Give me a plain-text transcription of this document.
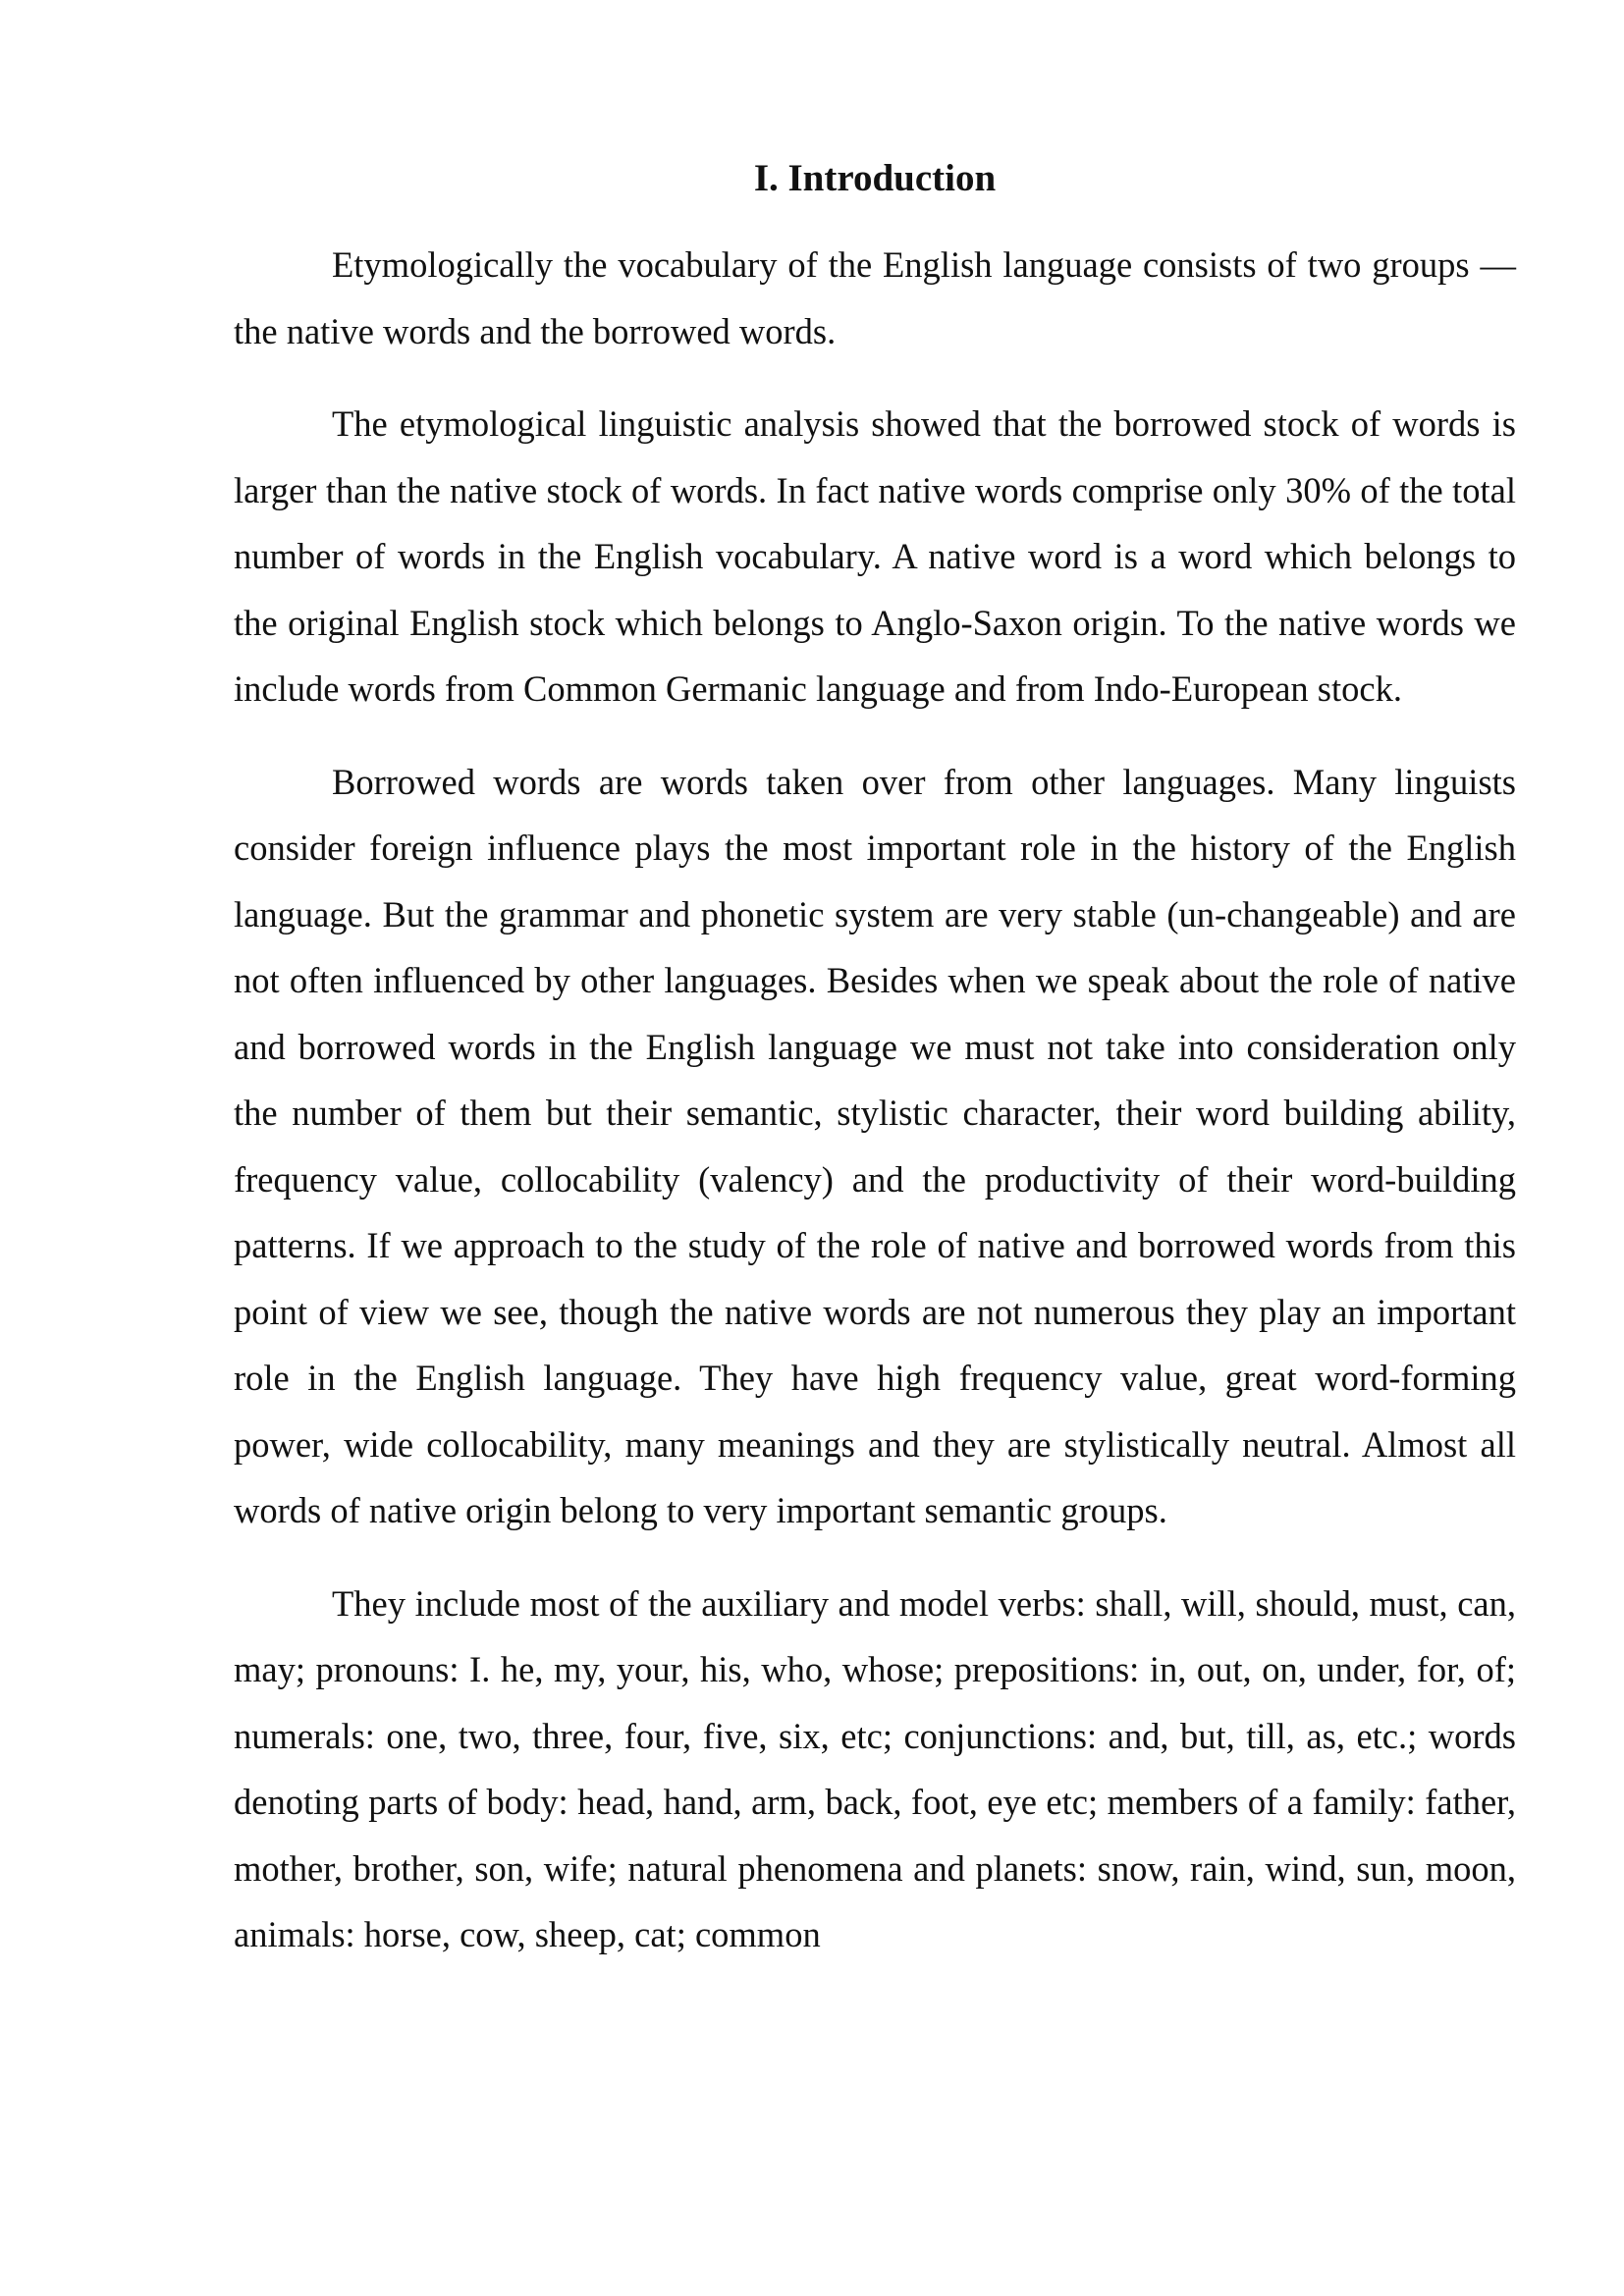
I. Introduction

Etymologically the vocabulary of the English language consists of two groups — the native words and the borrowed words.

The etymological linguistic analysis showed that the borrowed stock of words is larger than the native stock of words. In fact native words comprise only 30% of the total number of words in the English vocabulary. A native word is a word which belongs to the original English stock which belongs to Anglo-Saxon origin. To the native words we include words from Common Germanic language and from Indo-European stock.

Borrowed words are words taken over from other languages. Many linguists consider foreign influence plays the most important role in the history of the English language. But the grammar and phonetic system are very stable (un-changeable) and are not often influenced by other languages. Besides when we speak about the role of native and borrowed words in the English language we must not take into consideration only the number of them but their semantic, stylistic character, their word building ability, frequency value, collocability (valency) and the productivity of their word-building patterns. If we approach to the study of the role of native and borrowed words from this point of view we see, though the native words are not numerous they play an important role in the English language. They have high frequency value, great word-forming power, wide collocability, many meanings and they are stylistically neutral. Almost all words of native origin belong to very important semantic groups.

They include most of the auxiliary and model verbs: shall, will, should, must, can, may; pronouns: I. he, my, your, his, who, whose; prepositions: in, out, on, under, for, of; numerals: one, two, three, four, five, six, etc; conjunctions: and, but, till, as, etc.; words denoting parts of body: head, hand, arm, back, foot, eye etc; members of a family: father, mother, brother, son, wife; natural phenomena and planets: snow, rain, wind, sun, moon, animals: horse, cow, sheep, cat; common
